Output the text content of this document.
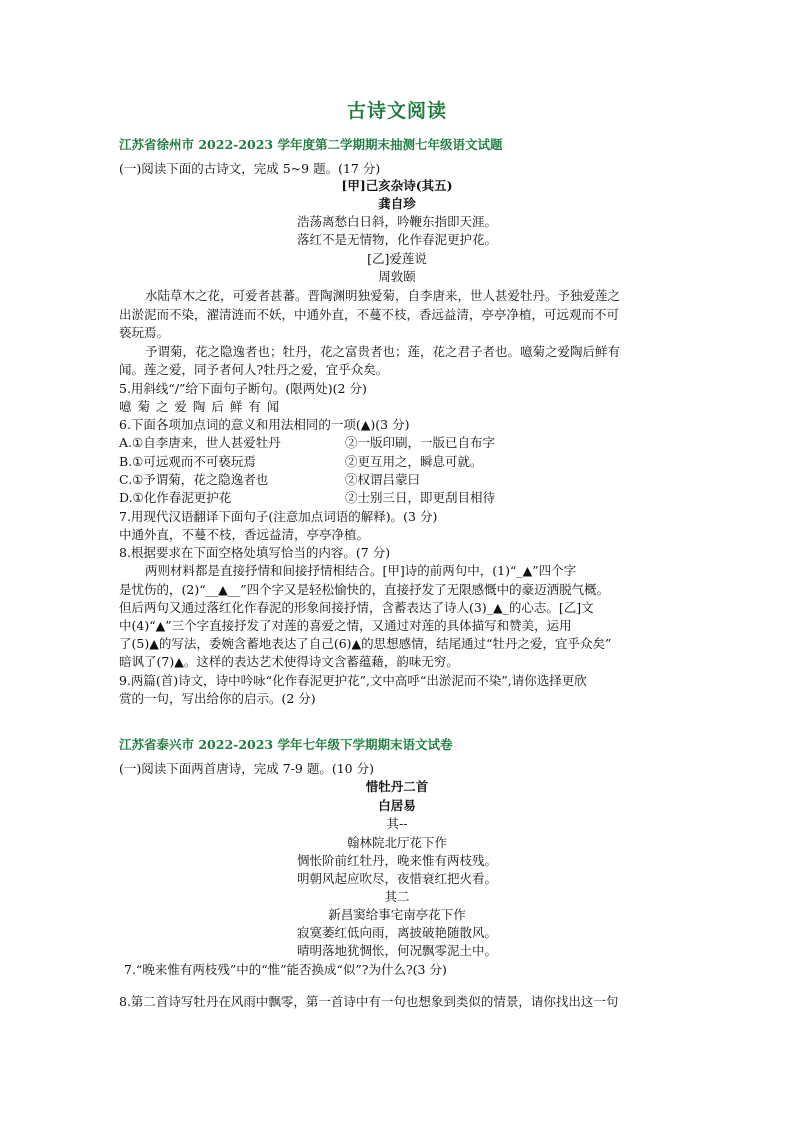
古诗文阅读
江苏省徐州市 2022-2023 学年度第二学期期末抽测七年级语文试题
(一)阅读下面的古诗文，完成 5~9 题。(17 分)
[甲]己亥杂诗(其五)
龚自珍
浩荡离愁白日斜，吟鞭东指即天涯。
落红不是无情物，化作春泥更护花。
[乙]爱莲说
周敦颐
水陆草木之花，可爱者甚蕃。晋陶渊明独爱菊，自李唐来，世人甚爱牡丹。予独爱莲之
出淤泥而不染，濯清涟而不妖，中通外直，不蔓不枝，香远益清，亭亭净植，可远观而不可
亵玩焉。
予谓菊，花之隐逸者也；牡丹，花之富贵者也；莲，花之君子者也。噫菊之爱陶后鲜有
闻。莲之爱，同予者何人?牡丹之爱，宜乎众矣。
5.用斜线“/”给下面句子断句。(限两处)(2 分)
噫 菊 之 爱 陶 后 鲜 有 闻
6.下面各项加点词的意义和用法相同的一项(▲)(3 分)
A.①自李唐来，世人甚爱牡丹	②一版印刷，一版已自布字
B.①可远观而不可亵玩焉	②更互用之，瞬息可就。
C.①予谓菊，花之隐逸者也	②权谓吕蒙曰
D.①化作春泥更护花	②士别三日，即更刮目相待
7.用现代汉语翻译下面句子(注意加点词语的解释)。(3 分)
中通外直，不蔓不枝，香远益清，亭亭净植。
8.根据要求在下面空格处填写恰当的内容。(7 分)
两则材料都是直接抒情和间接抒情相结合。[甲]诗的前两句中，(1)“_▲”四个字
是忧伤的，(2)“__▲__”四个字又是轻松愉快的，直接抒发了无限感慨中的豪迈洒脱气概。
但后两句又通过落红化作春泥的形象间接抒情，含蓄表达了诗人(3)_▲_的心志。[乙]文
中(4)“▲”三个字直接抒发了对莲的喜爱之情，又通过对莲的具体描写和赞美，运用
了(5)▲的写法，委婉含蓄地表达了自己(6)▲的思想感情，结尾通过“牡丹之爱，宜乎众矣”
暗讽了(7)▲。这样的表达艺术使得诗文含蓄蕴藉，韵味无穷。
9.两篇(首)诗文，诗中吟咏“化作春泥更护花”,文中高呼“出淤泥而不染”,请你选择更欣
赏的一句，写出给你的启示。(2 分)
江苏省泰兴市 2022-2023 学年七年级下学期期末语文试卷
(一)阅读下面两首唐诗，完成 7-9 题。(10 分)
惜牡丹二首
白居易
其--
翰林院北厅花下作
惆怅阶前红牡丹，晚来惟有两枝残。
明朝风起应吹尽，夜惜衰红把火看。
其二
新昌窦给事宅南亭花下作
寂寞萎红低向雨，离披破艳随散风。
晴明落地犹惆怅，何况飘零泥土中。
7.“晚来惟有两枝残”中的“惟”能否换成“似”?为什么?(3 分)
8.第二首诗写牡丹在风雨中飘零，第一首诗中有一句也想象到类似的情景，请你找出这一句
